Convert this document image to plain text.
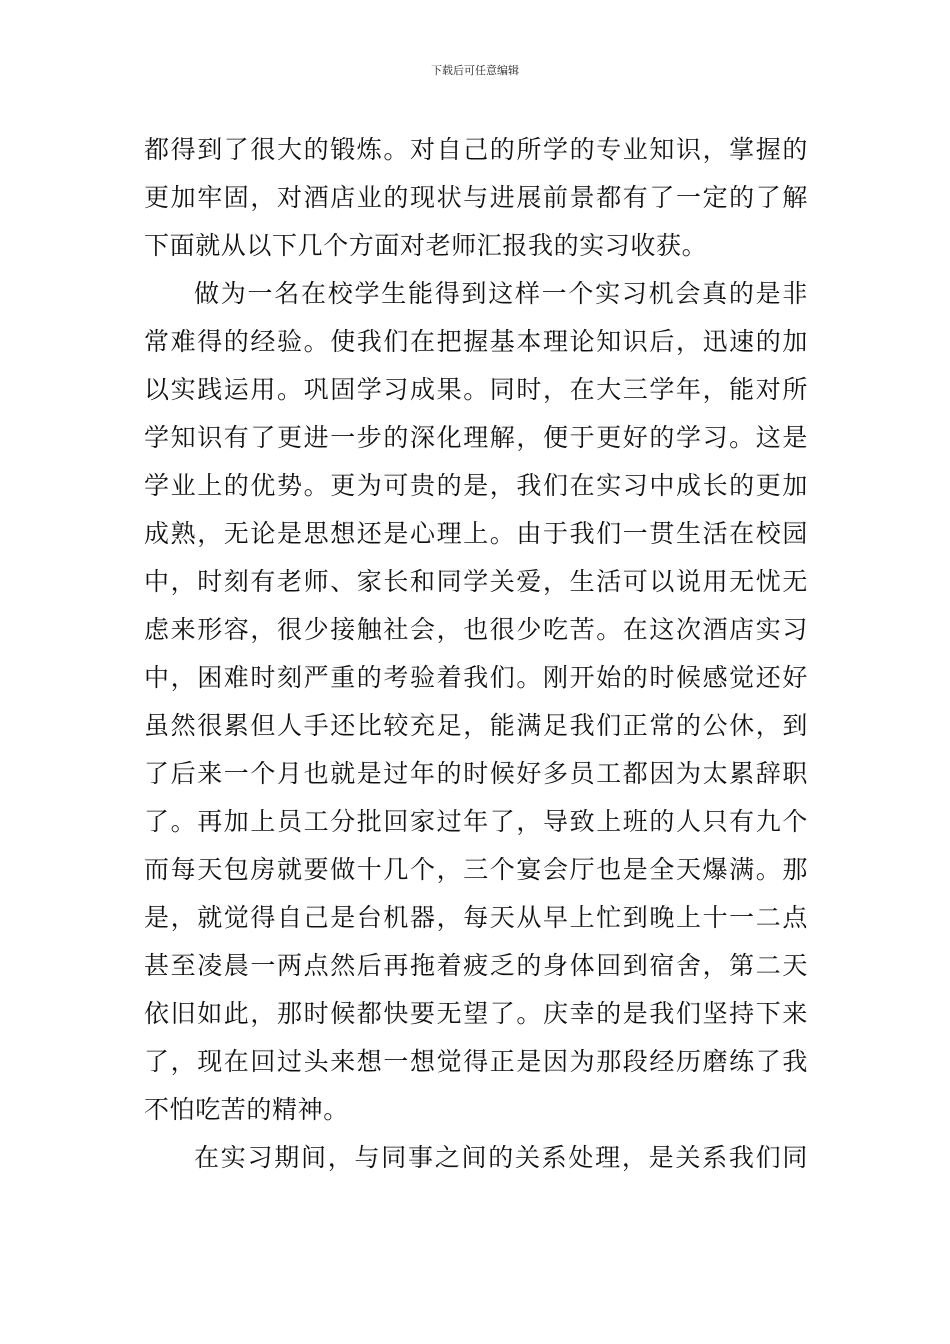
下载后可任意编辑
都得到了很大的锻炼。对自己的所学的专业知识，掌握的
更加牢固，对酒店业的现状与进展前景都有了一定的了解
下面就从以下几个方面对老师汇报我的实习收获。
做为一名在校学生能得到这样一个实习机会真的是非
常难得的经验。使我们在把握基本理论知识后，迅速的加
以实践运用。巩固学习成果。同时，在大三学年，能对所
学知识有了更进一步的深化理解，便于更好的学习。这是
学业上的优势。更为可贵的是，我们在实习中成长的更加
成熟，无论是思想还是心理上。由于我们一贯生活在校园
中，时刻有老师、家长和同学关爱，生活可以说用无忧无
虑来形容，很少接触社会，也很少吃苦。在这次酒店实习
中，困难时刻严重的考验着我们。刚开始的时候感觉还好
虽然很累但人手还比较充足，能满足我们正常的公休，到
了后来一个月也就是过年的时候好多员工都因为太累辞职
了。再加上员工分批回家过年了，导致上班的人只有九个
而每天包房就要做十几个，三个宴会厅也是全天爆满。那
是，就觉得自己是台机器，每天从早上忙到晚上十一二点
甚至凌晨一两点然后再拖着疲乏的身体回到宿舍，第二天
依旧如此，那时候都快要无望了。庆幸的是我们坚持下来
了，现在回过头来想一想觉得正是因为那段经历磨练了我
不怕吃苦的精神。
在实习期间，与同事之间的关系处理，是关系我们同
